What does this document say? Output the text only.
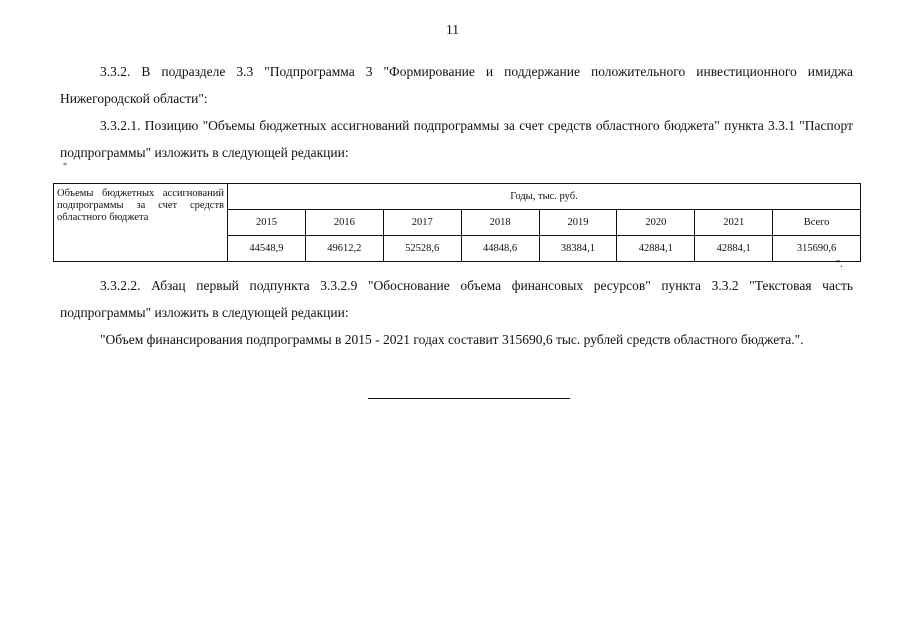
11

3.3.2. В подразделе 3.3 "Подпрограмма 3 "Формирование и поддержание положительного инвестиционного имиджа Нижегородской области":

3.3.2.1. Позицию "Объемы бюджетных ассигнований подпрограммы за счет средств областного бюджета" пункта 3.3.1 "Паспорт подпрограммы" изложить в следующей редакции:

"
Объемы бюджетных ассигнований подпрограммы за счет средств областного бюджета	Годы, тыс. руб.							
	2015	2016	2017	2018	2019	2020	2021	Всего
	44548,9	49612,2	52528,6	44848,6	38384,1	42884,1	42884,1	315690,6
".

3.3.2.2. Абзац первый подпункта 3.3.2.9 "Обоснование объема финансовых ресурсов" пункта 3.3.2 "Текстовая часть подпрограммы" изложить в следующей редакции:

"Объем финансирования подпрограммы в 2015 - 2021 годах составит 315690,6 тыс. рублей средств областного бюджета.".
